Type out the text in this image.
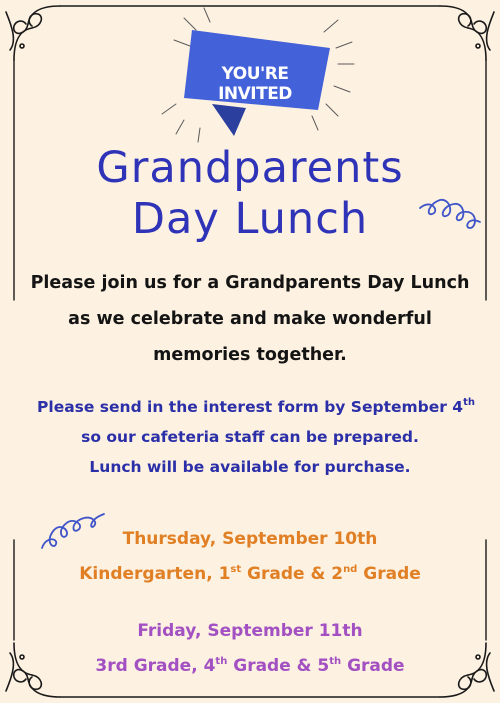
YOU'RE
INVITED
Grandparents
Day Lunch
Please join us for a Grandparents Day Lunch
as we celebrate and make wonderful
memories together.
Please send in the interest form by September 4th
so our cafeteria staff can be prepared.
Lunch will be available for purchase.
Thursday, September 10th
Kindergarten, 1st Grade & 2nd Grade
Friday, September 11th
3rd Grade, 4th Grade & 5th Grade
